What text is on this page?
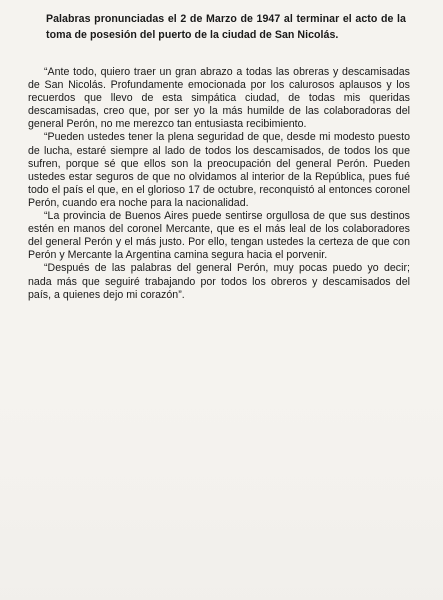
Palabras pronunciadas el 2 de Marzo de 1947 al terminar el acto de la toma de posesión del puerto de la ciudad de San Nicolás.

“Ante todo, quiero traer un gran abrazo a todas las obreras y descamisadas de San Nicolás. Profundamente emocionada por los calurosos aplausos y los recuerdos que llevo de esta simpática ciudad, de todas mis queridas descamisadas, creo que, por ser yo la más humilde de las colaboradoras del general Perón, no me merezco tan entusiasta recibimiento.

“Pueden ustedes tener la plena seguridad de que, desde mi modesto puesto de lucha, estaré siempre al lado de todos los descamisados, de todos los que sufren, porque sé que ellos son la preocupación del general Perón. Pueden ustedes estar seguros de que no olvidamos al interior de la República, pues fué todo el país el que, en el glorioso 17 de octubre, reconquistó al entonces coronel Perón, cuando era noche para la nacionalidad.

“La provincia de Buenos Aires puede sentirse orgullosa de que sus destinos estén en manos del coronel Mercante, que es el más leal de los colaboradores del general Perón y el más justo. Por ello, tengan ustedes la certeza de que con Perón y Mercante la Argentina camina segura hacia el porvenir.

“Después de las palabras del general Perón, muy pocas puedo yo decir; nada más que seguiré trabajando por todos los obreros y descamisados del país, a quienes dejo mi corazón”.
